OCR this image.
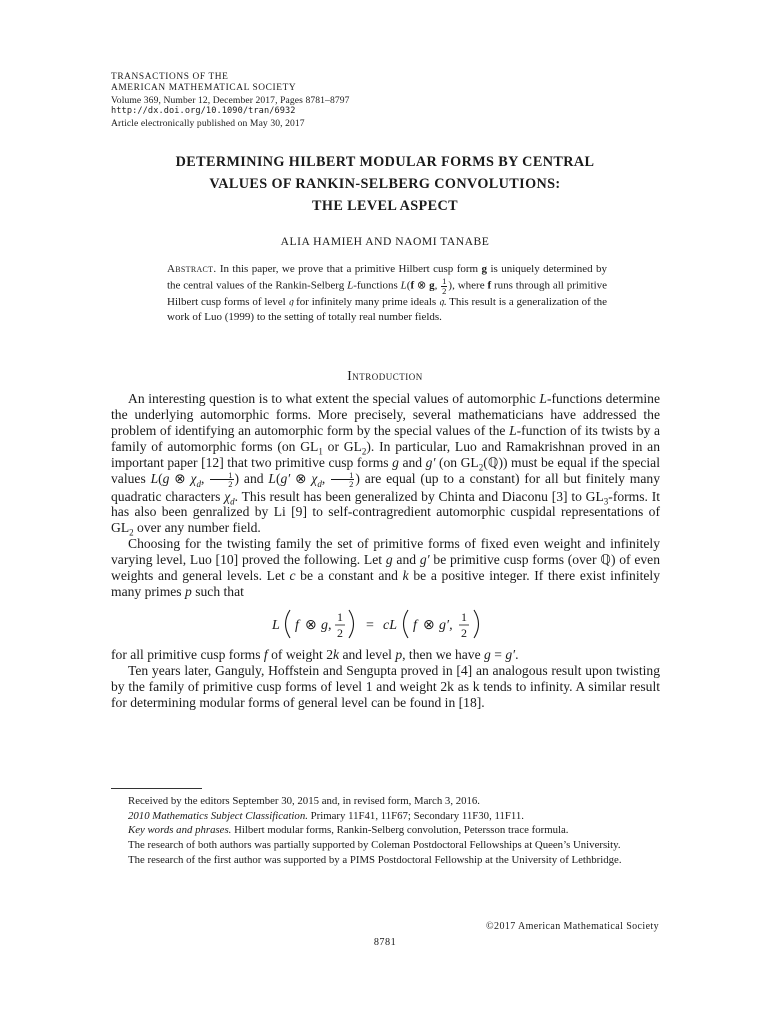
TRANSACTIONS OF THE
AMERICAN MATHEMATICAL SOCIETY
Volume 369, Number 12, December 2017, Pages 8781–8797
http://dx.doi.org/10.1090/tran/6932
Article electronically published on May 30, 2017
DETERMINING HILBERT MODULAR FORMS BY CENTRAL
VALUES OF RANKIN-SELBERG CONVOLUTIONS:
THE LEVEL ASPECT
ALIA HAMIEH AND NAOMI TANABE
Abstract. In this paper, we prove that a primitive Hilbert cusp form g is uniquely determined by the central values of the Rankin-Selberg L-functions L(f ⊗ g, $\frac{1}{2}$ ), where f runs through all primitive Hilbert cusp forms of level 𝔮 for infinitely many prime ideals 𝔮. This result is a generalization of the work of Luo (1999) to the setting of totally real number fields.
Introduction

An interesting question is to what extent the special values of automorphic L-functions determine the underlying automorphic forms. More precisely, several mathematicians have addressed the problem of identifying an automorphic form by the special values of the L-function of its twists by a family of automorphic forms (on $GL_1$ or $GL_2$). In particular, Luo and Ramakrishnan proved in an important paper [12] that two primitive cusp forms g and g′ (on $GL_2(ℚ)$) must be equal if the special values L(g ⊗ $\chi_d$, $\frac{1}{2}$ ) and L(g′ ⊗ $\chi_d$, $\frac{1}{2}$ ) are equal (up to a constant) for all but finitely many quadratic characters $\chi_d$. This result has been generalized by Chinta and Diaconu [3] to $GL_3$-forms. It has also been genralized by Li [9] to self-contragredient automorphic cuspidal representations of $GL_2$ over any number field.

Choosing for the twisting family the set of primitive forms of fixed even weight and infinitely varying level, Luo [10] proved the following. Let g and g′ be primitive cusp forms (over ℚ) of even weights and general levels. Let c be a constant and k be a positive integer. If there exist infinitely many primes p such that

L f ⊗ g,
1
2 = cL f ⊗ g′,
1
2

for all primitive cusp forms f of weight 2k and level p, then we have g = g′.

Ten years later, Ganguly, Hoffstein and Sengupta proved in [4] an analogous result upon twisting by the family of primitive cusp forms of level 1 and weight 2k as k tends to infinity. A similar result for determining modular forms of general level can be found in [18].

Received by the editors September 30, 2015 and, in revised form, March 3, 2016.

2010 Mathematics Subject Classification. Primary 11F41, 11F67; Secondary 11F30, 11F11.

Key words and phrases. Hilbert modular forms, Rankin-Selberg convolution, Petersson trace formula.

The research of both authors was partially supported by Coleman Postdoctoral Fellowships at Queen’s University.

The research of the first author was supported by a PIMS Postdoctoral Fellowship at the University of Lethbridge.

©2017 American Mathematical Society
8781
